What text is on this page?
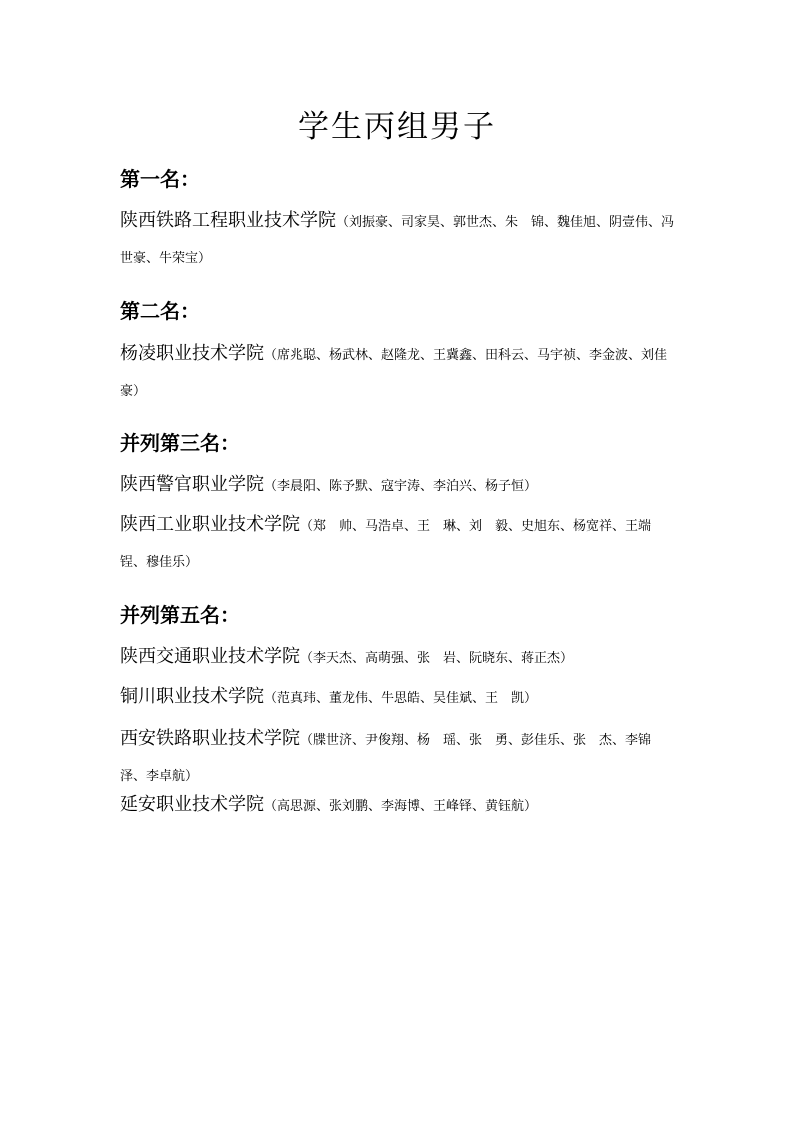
学生丙组男子
第一名：
陕西铁路工程职业技术学院（刘振豪、司家昊、郭世杰、朱　锦、魏佳旭、阴壹伟、冯世豪、牛荣宝）
第二名：
杨凌职业技术学院（席兆聪、杨武林、赵隆龙、王冀鑫、田科云、马宇祯、李金波、刘佳豪）
并列第三名：
陕西警官职业学院（李晨阳、陈予默、寇宇涛、李泊兴、杨子恒）
陕西工业职业技术学院（郑　帅、马浩卓、王　琳、刘　毅、史旭东、杨宽祥、王端锃、穆佳乐）
并列第五名：
陕西交通职业技术学院（李天杰、高萌强、张　岩、阮晓东、蒋正杰）
铜川职业技术学院（范真玮、董龙伟、牛思皓、吴佳斌、王　凯）
西安铁路职业技术学院（牒世济、尹俊翔、杨　瑶、张　勇、彭佳乐、张　杰、李锦泽、李卓航）
延安职业技术学院（高思源、张刘鹏、李海博、王峰铎、黄钰航）
